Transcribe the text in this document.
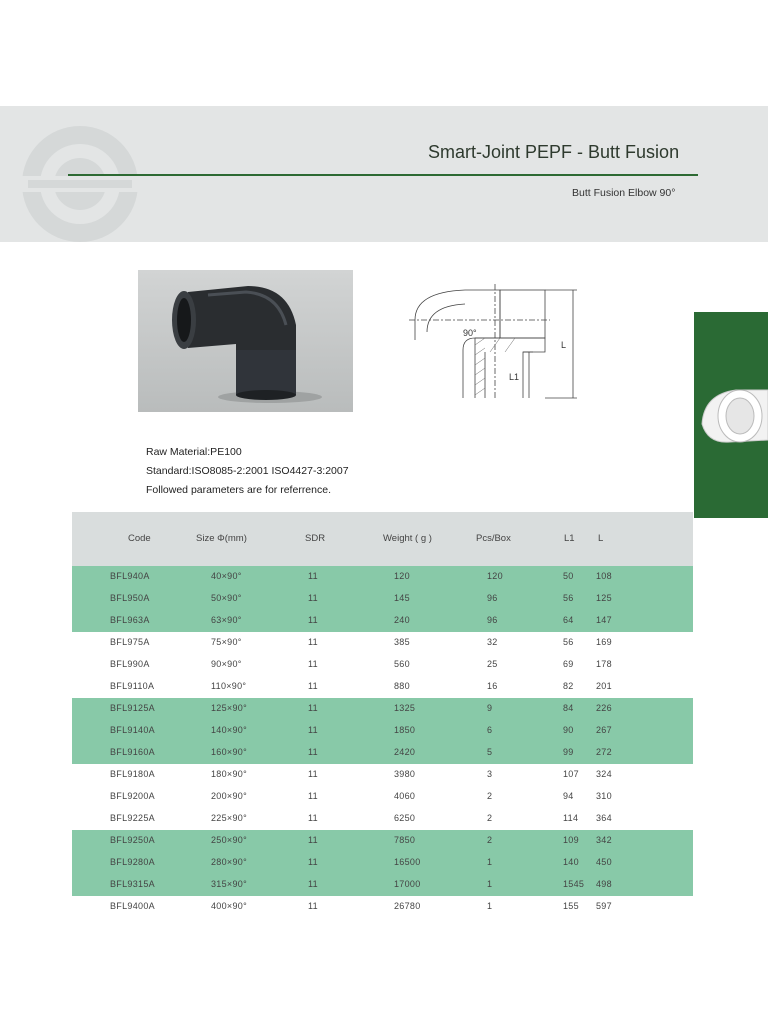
Smart-Joint PEPF - Butt Fusion
Butt Fusion Elbow 90°
90°
L
L1
Raw Material:PE100
Standard:ISO8085-2:2001 ISO4427-3:2007
Followed parameters are for referrence.
Code	Size Φ(mm)	SDR	Weight ( g )	Pcs/Box	L1 L
BFL940A	40×90°	11	120	120	50 108
BFL950A	50×90°	11	145	96	56 125
BFL963A	63×90°	11	240	96	64 147
BFL975A	75×90°	11	385	32	56 169
BFL990A	90×90°	11	560	25	69 178
BFL9110A	110×90°	11	880	16	82 201
BFL9125A	125×90°	11	1325	9	84 226
BFL9140A	140×90°	11	1850	6	90 267
BFL9160A	160×90°	11	2420	5	99 272
BFL9180A	180×90°	11	3980	3	107 324
BFL9200A	200×90°	11	4060	2	94 310
BFL9225A	225×90°	11	6250	2	114 364
BFL9250A	250×90°	11	7850	2	109 342
BFL9280A	280×90°	11	16500	1	140 450
BFL9315A	315×90°	11	17000	1	1545 498
BFL9400A	400×90°	11	26780	1	155 597
